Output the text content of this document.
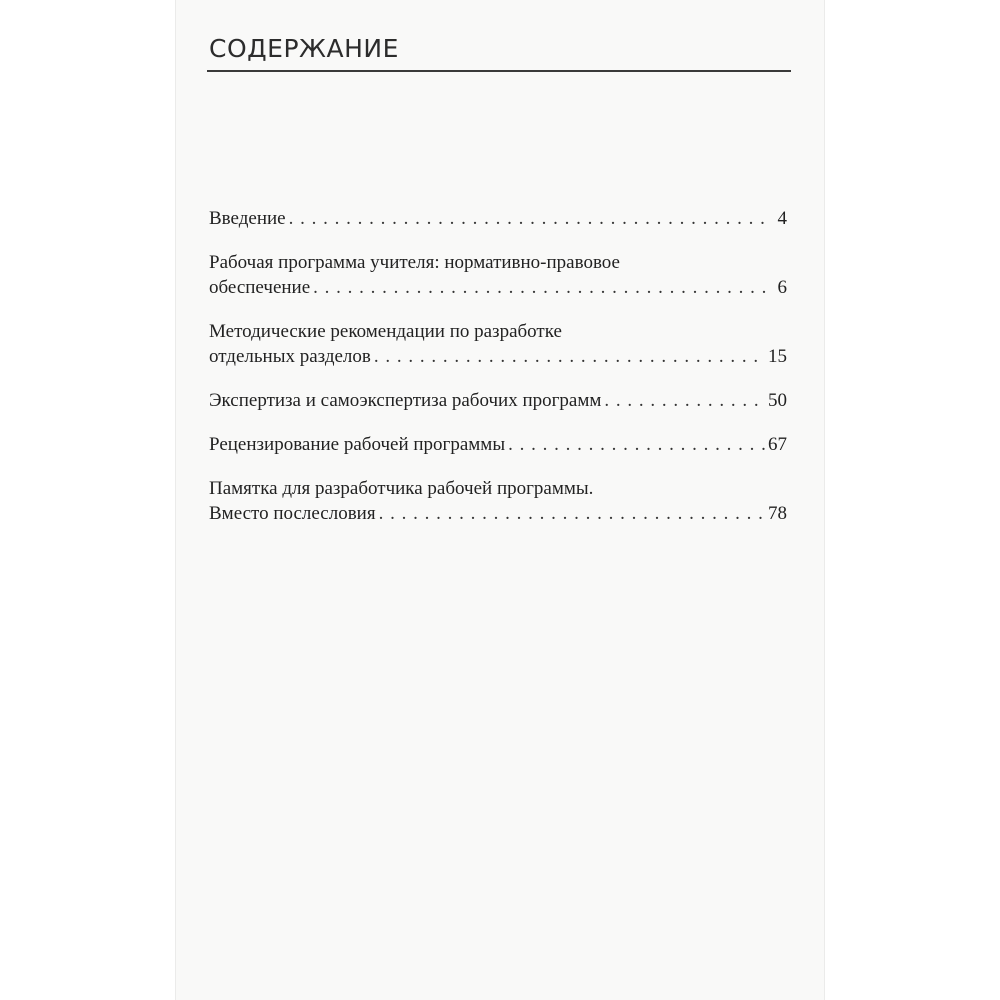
СОДЕРЖАНИЕ
Введение . . .	4
Рабочая программа учителя: нормативно-правовое
обеспечение . . .	6
Методические рекомендации по разработке
отдельных разделов . . .	15
Экспертиза и самоэкспертиза рабочих программ . . .	50
Рецензирование рабочей программы . . .	67
Памятка для разработчика рабочей программы.
Вместо послесловия . . .	78
